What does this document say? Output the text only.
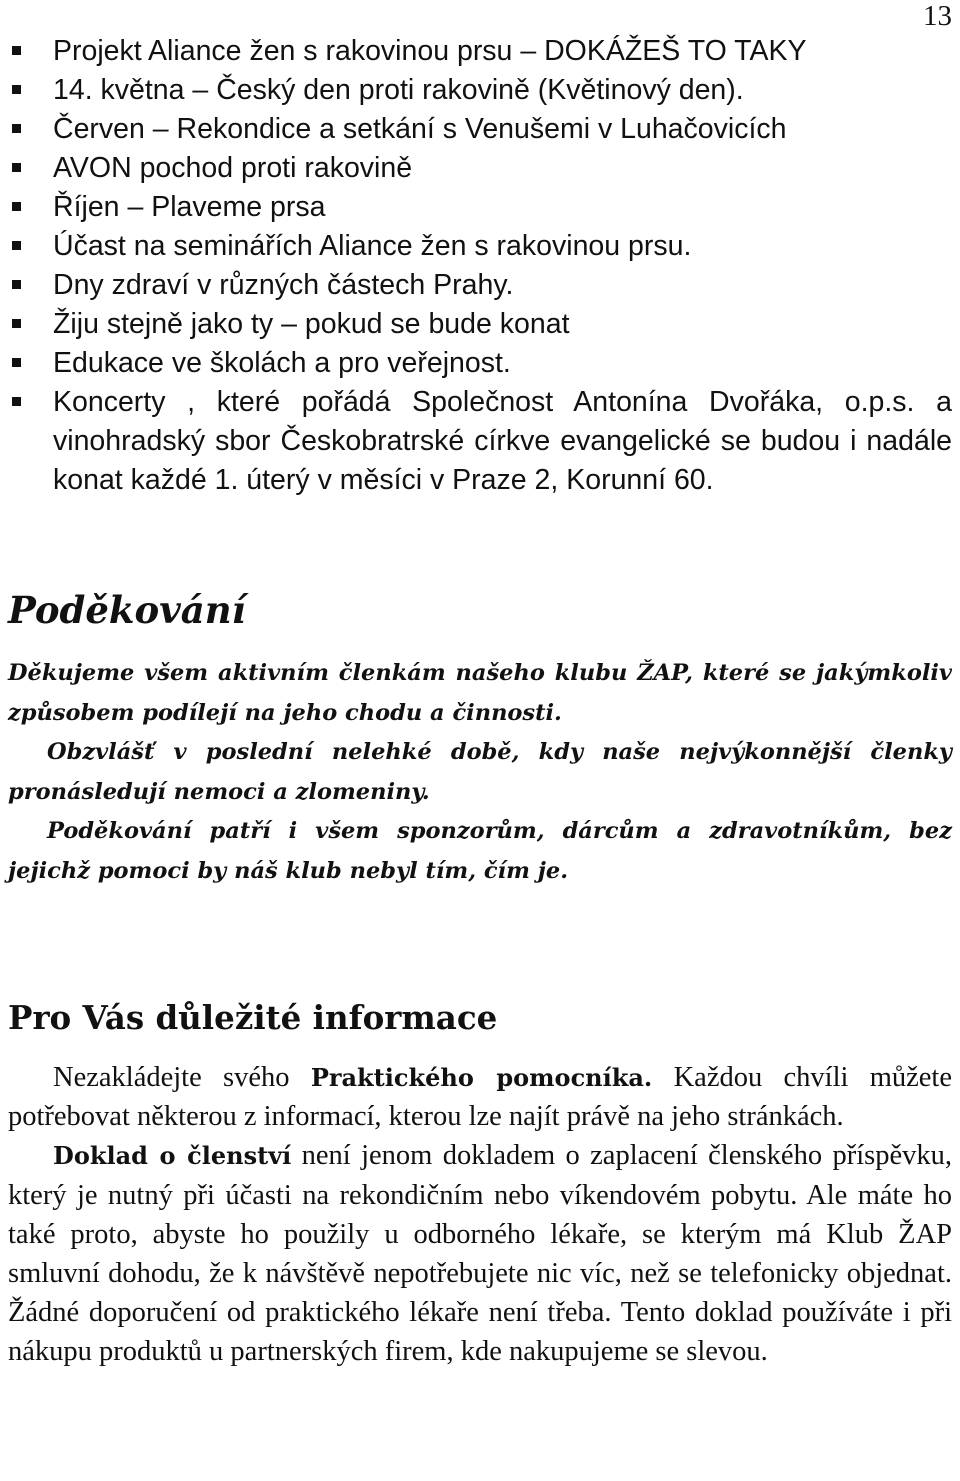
13
Projekt Aliance žen s rakovinou prsu – DOKÁŽEŠ TO TAKY
14. května – Český den proti rakovině (Květinový den).
Červen – Rekondice a setkání s Venušemi v Luhačovicích
AVON pochod proti rakovině
Říjen – Plaveme prsa
Účast na seminářích Aliance žen s rakovinou prsu.
Dny zdraví v různých částech Prahy.
Žiju stejně jako ty – pokud se bude konat
Edukace ve školách a pro veřejnost.
Koncerty , které pořádá Společnost Antonína Dvořáka, o.p.s. a vinohradský sbor Českobratrské církve evangelické se budou i nadále konat každé 1. úterý v měsíci v Praze 2, Korunní 60.
Poděkování

Děkujeme všem aktivním členkám našeho klubu ŽAP, které se jakýmkoliv způsobem podílejí na jeho chodu a činnosti.

Obzvlášť v poslední nelehké době, kdy naše nejvýkonnější členky pronásledují nemoci a zlomeniny.

Poděkování patří i všem sponzorům, dárcům a zdravotníkům, bez jejichž pomoci by náš klub nebyl tím, čím je.

Pro Vás důležité informace

Nezakládejte svého Praktického pomocníka. Každou chvíli můžete potřebovat některou z informací, kterou lze najít právě na jeho stránkách.

Doklad o členství není jenom dokladem o zaplacení členského příspěvku, který je nutný při účasti na rekondičním nebo víkendovém pobytu. Ale máte ho také proto, abyste ho použily u odborného lékaře, se kterým má Klub ŽAP smluvní dohodu, že k návštěvě nepotřebujete nic víc, než se telefonicky objednat. Žádné doporučení od praktického lékaře není třeba. Tento doklad používáte i při nákupu produktů u partnerských firem, kde nakupujeme se slevou.
